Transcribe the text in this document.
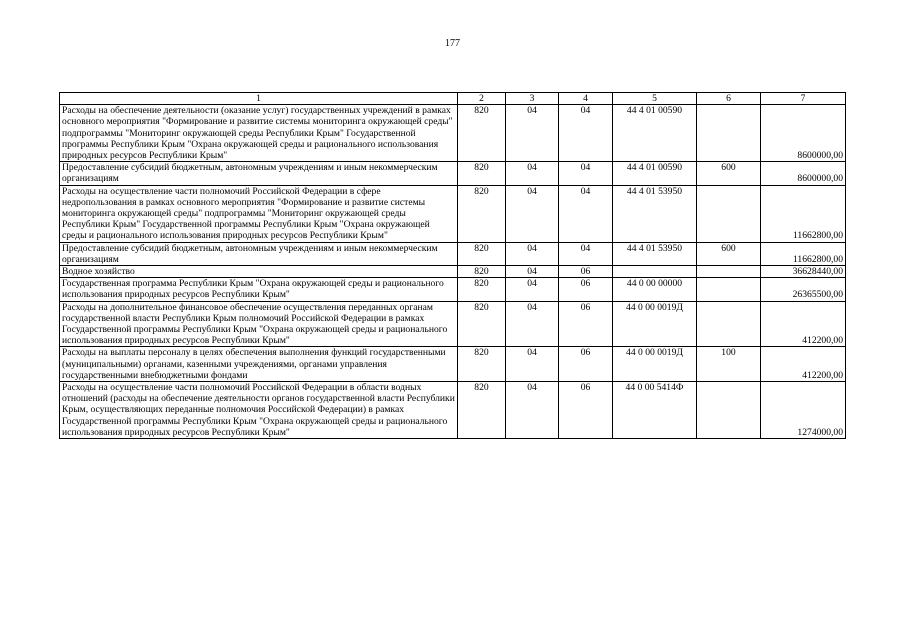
177
1	2	3	4	5	6	7
Расходы на обеспечение деятельности (оказание услуг) государственных учреждений в рамках основного мероприятия "Формирование и развитие системы мониторинга окружающей среды" подпрограммы "Мониторинг окружающей среды Республики Крым" Государственной программы Республики Крым "Охрана окружающей среды и рационального использования природных ресурсов Республики Крым"	820	04	04	44 4 01 00590		8600000,00
Предоставление субсидий бюджетным, автономным учреждениям и иным некоммерческим организациям	820	04	04	44 4 01 00590	600	8600000,00
Расходы на осуществление части полномочий Российской Федерации в сфере недропользования в рамках основного мероприятия "Формирование и развитие системы мониторинга окружающей среды" подпрограммы "Мониторинг окружающей среды Республики Крым" Государственной программы Республики Крым "Охрана окружающей среды и рационального использования природных ресурсов Республики Крым"	820	04	04	44 4 01 53950		11662800,00
Предоставление субсидий бюджетным, автономным учреждениям и иным некоммерческим организациям	820	04	04	44 4 01 53950	600	11662800,00
Водное хозяйство	820	04	06			36628440,00
Государственная программа Республики Крым "Охрана окружающей среды и рационального использования природных ресурсов Республики Крым"	820	04	06	44 0 00 00000		26365500,00
Расходы на дополнительное финансовое обеспечение осуществления переданных органам государственной власти Республики Крым полномочий Российской Федерации в рамках Государственной программы Республики Крым "Охрана окружающей среды и рационального использования природных ресурсов Республики Крым"	820	04	06	44 0 00 0019Д		412200,00
Расходы на выплаты персоналу в целях обеспечения выполнения функций государственными (муниципальными) органами, казенными учреждениями, органами управления государственными внебюджетными фондами	820	04	06	44 0 00 0019Д	100	412200,00
Расходы на осуществление части полномочий Российской Федерации в области водных отношений (расходы на обеспечение деятельности органов государственной власти Республики Крым, осуществляющих переданные полномочия Российской Федерации) в рамках Государственной программы Республики Крым "Охрана окружающей среды и рационального использования природных ресурсов Республики Крым"	820	04	06	44 0 00 5414Ф		1274000,00
